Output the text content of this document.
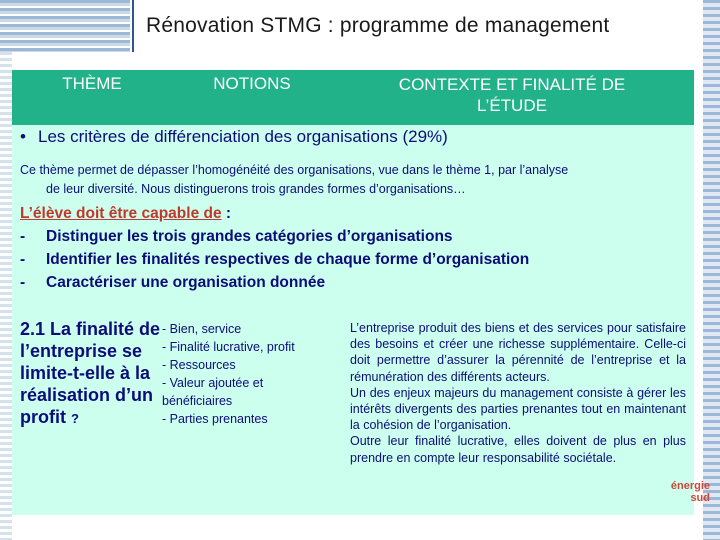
Rénovation STMG : programme de management
THÈME	NOTIONS	CONTEXTE ET FINALITÉ DE L’ÉTUDE
• Les critères de différenciation des organisations (29%)
Ce thème permet de dépasser l’homogénéité des organisations, vue dans le thème 1, par l’analyse
de leur diversité. Nous distinguerons trois grandes formes d’organisations…
L’élève doit être capable de :
- Distinguer les trois grandes catégories d’organisations
- Identifier les finalités respectives de chaque forme d’organisation
- Caractériser une organisation donnée
2.1 La finalité de l’entreprise se limite-t-elle à la réalisation d’un profit ?
- Bien, service
- Finalité lucrative, profit
- Ressources
- Valeur ajoutée et bénéficiaires
- Parties prenantes
L’entreprise produit des biens et des services pour satisfaire des besoins et créer une richesse supplémentaire. Celle-ci doit permettre d’assurer la pérennité de l’entreprise et la rémunération des différents acteurs.
Un des enjeux majeurs du management consiste à gérer les intérêts divergents des parties prenantes tout en maintenant la cohésion de l’organisation.
Outre leur finalité lucrative, elles doivent de plus en plus prendre en compte leur responsabilité sociétale.
énergie
sud
